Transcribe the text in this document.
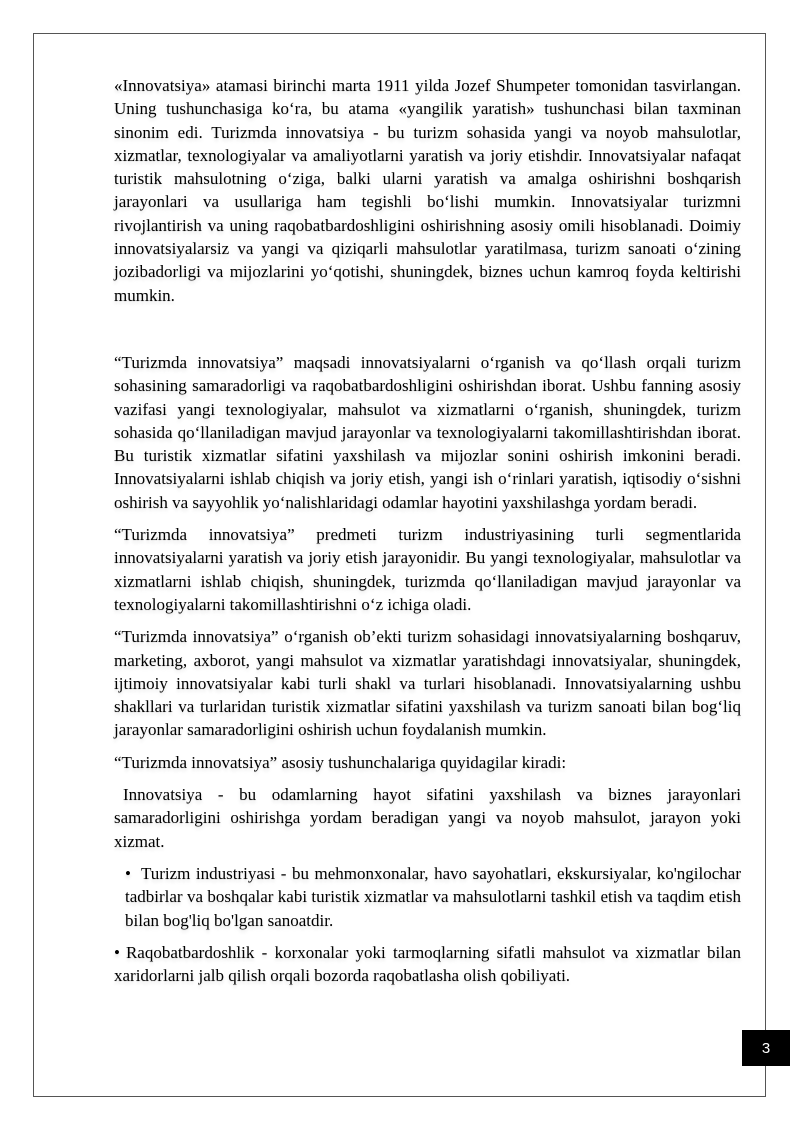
«Innovatsiya» atamasi birinchi marta 1911 yilda Jozef Shumpeter tomonidan tasvirlangan. Uning tushunchasiga ko‘ra, bu atama «yangilik yaratish» tushunchasi bilan taxminan sinonim edi. Turizmda innovatsiya - bu turizm sohasida yangi va noyob mahsulotlar, xizmatlar, texnologiyalar va amaliyotlarni yaratish va joriy etishdir. Innovatsiyalar nafaqat turistik mahsulotning o‘ziga, balki ularni yaratish va amalga oshirishni boshqarish jarayonlari va usullariga ham tegishli bo‘lishi mumkin. Innovatsiyalar turizmni rivojlantirish va uning raqobatbardoshligini oshirishning asosiy omili hisoblanadi. Doimiy innovatsiyalarsiz va yangi va qiziqarli mahsulotlar yaratilmasa, turizm sanoati o‘zining jozibadorligi va mijozlarini yo‘qotishi, shuningdek, biznes uchun kamroq foyda keltirishi mumkin.

“Turizmda innovatsiya” maqsadi innovatsiyalarni o‘rganish va qo‘llash orqali turizm sohasining samaradorligi va raqobatbardoshligini oshirishdan iborat. Ushbu fanning asosiy vazifasi yangi texnologiyalar, mahsulot va xizmatlarni o‘rganish, shuningdek, turizm sohasida qo‘llaniladigan mavjud jarayonlar va texnologiyalarni takomillashtirishdan iborat. Bu turistik xizmatlar sifatini yaxshilash va mijozlar sonini oshirish imkonini beradi. Innovatsiyalarni ishlab chiqish va joriy etish, yangi ish o‘rinlari yaratish, iqtisodiy o‘sishni oshirish va sayyohlik yo‘nalishlaridagi odamlar hayotini yaxshilashga yordam beradi.

“Turizmda innovatsiya” predmeti turizm industriyasining turli segmentlarida innovatsiyalarni yaratish va joriy etish jarayonidir. Bu yangi texnologiyalar, mahsulotlar va xizmatlarni ishlab chiqish, shuningdek, turizmda qo‘llaniladigan mavjud jarayonlar va texnologiyalarni takomillashtirishni o‘z ichiga oladi.

“Turizmda innovatsiya” o‘rganish ob’ekti turizm sohasidagi innovatsiyalarning boshqaruv, marketing, axborot, yangi mahsulot va xizmatlar yaratishdagi innovatsiyalar, shuningdek, ijtimoiy innovatsiyalar kabi turli shakl va turlari hisoblanadi. Innovatsiyalarning ushbu shakllari va turlaridan turistik xizmatlar sifatini yaxshilash va turizm sanoati bilan bog‘liq jarayonlar samaradorligini oshirish uchun foydalanish mumkin.

“Turizmda innovatsiya” asosiy tushunchalariga quyidagilar kiradi:

Innovatsiya - bu odamlarning hayot sifatini yaxshilash va biznes jarayonlari samaradorligini oshirishga yordam beradigan yangi va noyob mahsulot, jarayon yoki xizmat.

• Turizm industriyasi - bu mehmonxonalar, havo sayohatlari, ekskursiyalar, ko'ngilochar tadbirlar va boshqalar kabi turistik xizmatlar va mahsulotlarni tashkil etish va taqdim etish bilan bog'liq bo'lgan sanoatdir.

• Raqobatbardoshlik - korxonalar yoki tarmoqlarning sifatli mahsulot va xizmatlar bilan xaridorlarni jalb qilish orqali bozorda raqobatlasha olish qobiliyati.

3
